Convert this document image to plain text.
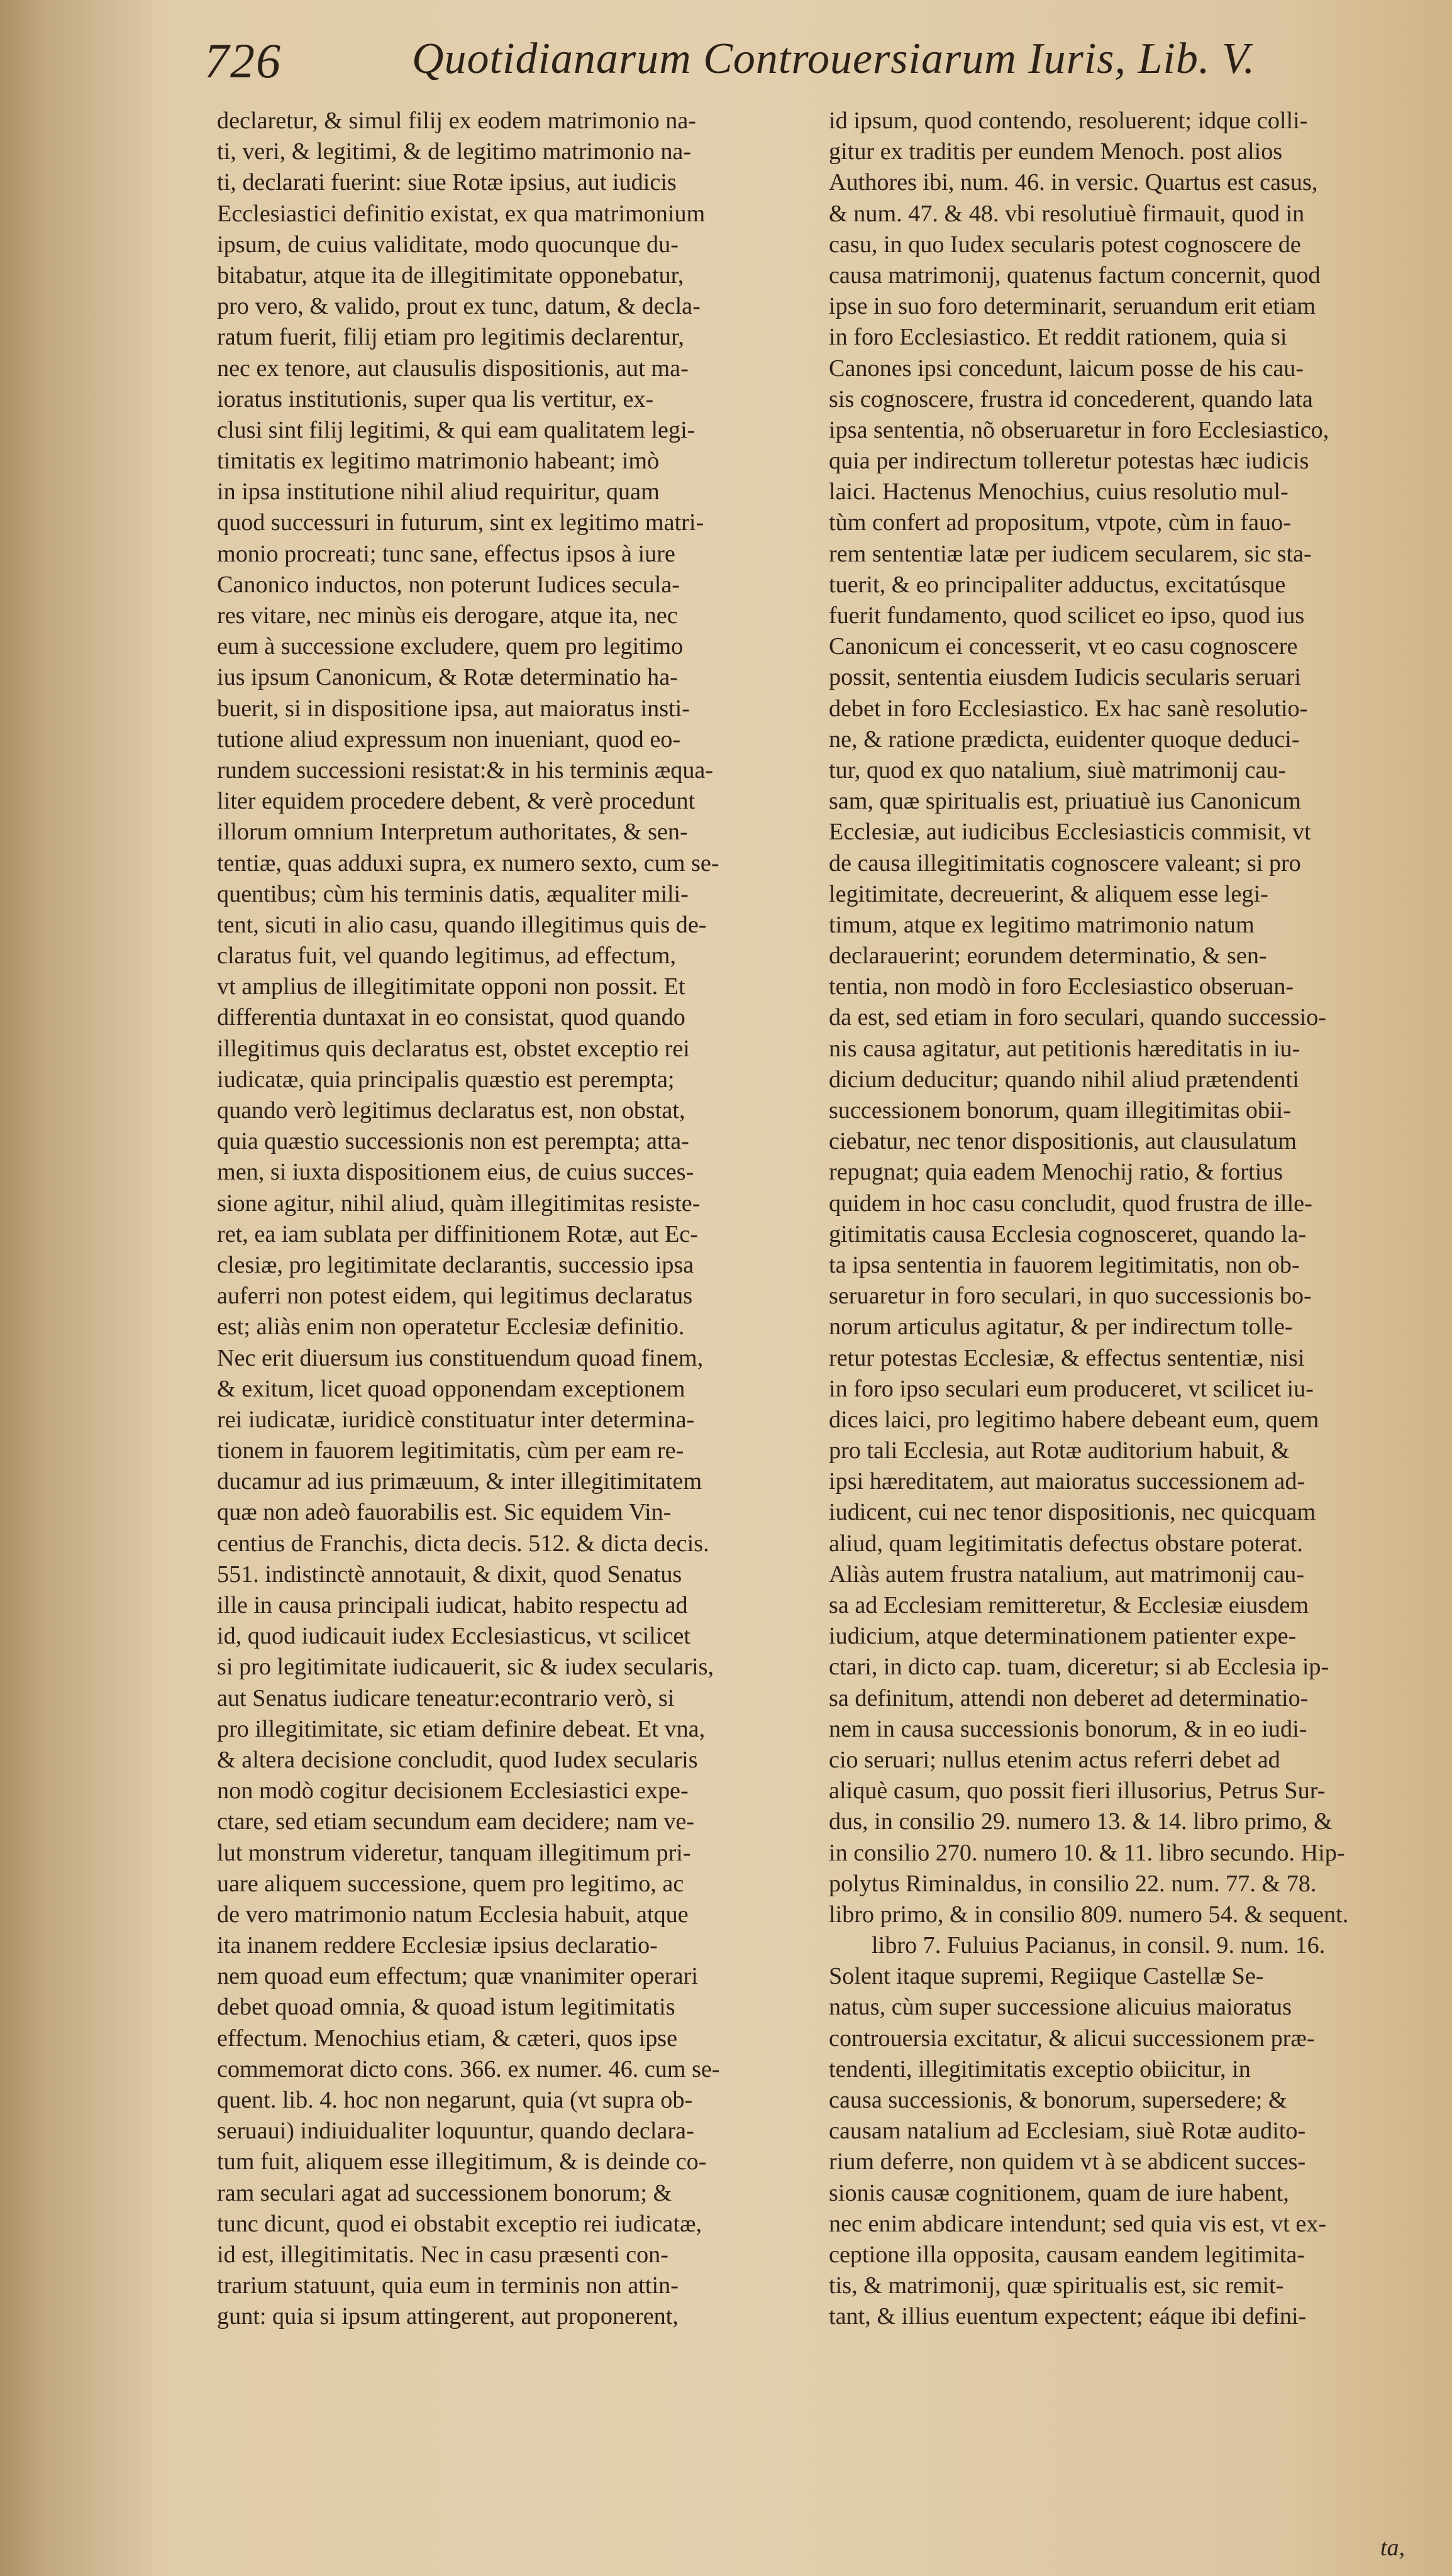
726	Quotidianarum Controuersiarum Iuris, Lib. V.
declaretur, & simul filij ex eodem matrimonio na-
ti, veri, & legitimi, & de legitimo matrimonio na-
ti, declarati fuerint: siue Rotæ ipsius, aut iudicis
Ecclesiastici definitio existat, ex qua matrimonium
ipsum, de cuius validitate, modo quocunque du-
bitabatur, atque ita de illegitimitate opponebatur,
pro vero, & valido, prout ex tunc, datum, & decla-
ratum fuerit, filij etiam pro legitimis declarentur,
nec ex tenore, aut clausulis dispositionis, aut ma-
ioratus institutionis, super qua lis vertitur, ex-
clusi sint filij legitimi, & qui eam qualitatem legi-
timitatis ex legitimo matrimonio habeant; imò
in ipsa institutione nihil aliud requiritur, quam
quod successuri in futurum, sint ex legitimo matri-
monio procreati; tunc sane, effectus ipsos à iure
Canonico inductos, non poterunt Iudices secula-
res vitare, nec minùs eis derogare, atque ita, nec
eum à successione excludere, quem pro legitimo
ius ipsum Canonicum, & Rotæ determinatio ha-
buerit, si in dispositione ipsa, aut maioratus insti-
tutione aliud expressum non inueniant, quod eo-
rundem successioni resistat:& in his terminis æqua-
liter equidem procedere debent, & verè procedunt
illorum omnium Interpretum authoritates, & sen-
tentiæ, quas adduxi supra, ex numero sexto, cum se-
quentibus; cùm his terminis datis, æqualiter mili-
tent, sicuti in alio casu, quando illegitimus quis de-
claratus fuit, vel quando legitimus, ad effectum,
vt amplius de illegitimitate opponi non possit. Et
differentia duntaxat in eo consistat, quod quando
illegitimus quis declaratus est, obstet exceptio rei
iudicatæ, quia principalis quæstio est perempta;
quando verò legitimus declaratus est, non obstat,
quia quæstio successionis non est perempta; atta-
men, si iuxta dispositionem eius, de cuius succes-
sione agitur, nihil aliud, quàm illegitimitas resiste-
ret, ea iam sublata per diffinitionem Rotæ, aut Ec-
clesiæ, pro legitimitate declarantis, successio ipsa
auferri non potest eidem, qui legitimus declaratus
est; aliàs enim non operatetur Ecclesiæ definitio.
Nec erit diuersum ius constituendum quoad finem,
& exitum, licet quoad opponendam exceptionem
rei iudicatæ, iuridicè constituatur inter determina-
tionem in fauorem legitimitatis, cùm per eam re-
ducamur ad ius primæuum, & inter illegitimitatem
quæ non adeò fauorabilis est. Sic equidem Vin-
centius de Franchis, dicta decis. 512. & dicta decis.
551. indistinctè annotauit, & dixit, quod Senatus
ille in causa principali iudicat, habito respectu ad
id, quod iudicauit iudex Ecclesiasticus, vt scilicet
si pro legitimitate iudicauerit, sic & iudex secularis,
aut Senatus iudicare teneatur:econtrario verò, si
pro illegitimitate, sic etiam definire debeat. Et vna,
& altera decisione concludit, quod Iudex secularis
non modò cogitur decisionem Ecclesiastici expe-
ctare, sed etiam secundum eam decidere; nam ve-
lut monstrum videretur, tanquam illegitimum pri-
uare aliquem successione, quem pro legitimo, ac
de vero matrimonio natum Ecclesia habuit, atque
ita inanem reddere Ecclesiæ ipsius declaratio-
nem quoad eum effectum; quæ vnanimiter operari
debet quoad omnia, & quoad istum legitimitatis
effectum. Menochius etiam, & cæteri, quos ipse
commemorat dicto cons. 366. ex numer. 46. cum se-
quent. lib. 4. hoc non negarunt, quia (vt supra ob-
seruaui) indiuidualiter loquuntur, quando declara-
tum fuit, aliquem esse illegitimum, & is deinde co-
ram seculari agat ad successionem bonorum; &
tunc dicunt, quod ei obstabit exceptio rei iudicatæ,
id est, illegitimitatis. Nec in casu præsenti con-
trarium statuunt, quia eum in terminis non attin-
gunt: quia si ipsum attingerent, aut proponerent,
id ipsum, quod contendo, resoluerent; idque colli-
gitur ex traditis per eundem Menoch. post alios
Authores ibi, num. 46. in versic. Quartus est casus,
& num. 47. & 48. vbi resolutiuè firmauit, quod in
casu, in quo Iudex secularis potest cognoscere de
causa matrimonij, quatenus factum concernit, quod
ipse in suo foro determinarit, seruandum erit etiam
in foro Ecclesiastico. Et reddit rationem, quia si
Canones ipsi concedunt, laicum posse de his cau-
sis cognoscere, frustra id concederent, quando lata
ipsa sententia, nõ obseruaretur in foro Ecclesiastico,
quia per indirectum tolleretur potestas hæc iudicis
laici. Hactenus Menochius, cuius resolutio mul-
tùm confert ad propositum, vtpote, cùm in fauo-
rem sententiæ latæ per iudicem secularem, sic sta-
tuerit, & eo principaliter adductus, excitatúsque
fuerit fundamento, quod scilicet eo ipso, quod ius
Canonicum ei concesserit, vt eo casu cognoscere
possit, sententia eiusdem Iudicis secularis seruari
debet in foro Ecclesiastico. Ex hac sanè resolutio-
ne, & ratione prædicta, euidenter quoque deduci-
tur, quod ex quo natalium, siuè matrimonij cau-
sam, quæ spiritualis est, priuatiuè ius Canonicum
Ecclesiæ, aut iudicibus Ecclesiasticis commisit, vt
de causa illegitimitatis cognoscere valeant; si pro
legitimitate, decreuerint, & aliquem esse legi-
timum, atque ex legitimo matrimonio natum
declarauerint; eorundem determinatio, & sen-
tentia, non modò in foro Ecclesiastico obseruan-
da est, sed etiam in foro seculari, quando successio-
nis causa agitatur, aut petitionis hæreditatis in iu-
dicium deducitur; quando nihil aliud prætendenti
successionem bonorum, quam illegitimitas obii-
ciebatur, nec tenor dispositionis, aut clausulatum
repugnat; quia eadem Menochij ratio, & fortius
quidem in hoc casu concludit, quod frustra de ille-
gitimitatis causa Ecclesia cognosceret, quando la-
ta ipsa sententia in fauorem legitimitatis, non ob-
seruaretur in foro seculari, in quo successionis bo-
norum articulus agitatur, & per indirectum tolle-
retur potestas Ecclesiæ, & effectus sententiæ, nisi
in foro ipso seculari eum produceret, vt scilicet iu-
dices laici, pro legitimo habere debeant eum, quem
pro tali Ecclesia, aut Rotæ auditorium habuit, &
ipsi hæreditatem, aut maioratus successionem ad-
iudicent, cui nec tenor dispositionis, nec quicquam
aliud, quam legitimitatis defectus obstare poterat.
Aliàs autem frustra natalium, aut matrimonij cau-
sa ad Ecclesiam remitteretur, & Ecclesiæ eiusdem
iudicium, atque determinationem patienter expe-
ctari, in dicto cap. tuam, diceretur; si ab Ecclesia ip-
sa definitum, attendi non deberet ad determinatio-
nem in causa successionis bonorum, & in eo iudi-
cio seruari; nullus etenim actus referri debet ad
aliquè casum, quo possit fieri illusorius, Petrus Sur-
dus, in consilio 29. numero 13. & 14. libro primo, &
in consilio 270. numero 10. & 11. libro secundo. Hip-
polytus Riminaldus, in consilio 22. num. 77. & 78.
libro primo, & in consilio 809. numero 54. & sequent.
libro 7. Fuluius Pacianus, in consil. 9. num. 16.
Solent itaque supremi, Regiique Castellæ Se-
natus, cùm super successione alicuius maioratus
controuersia excitatur, & alicui successionem præ-
tendenti, illegitimitatis exceptio obiicitur, in
causa successionis, & bonorum, supersedere; &
causam natalium ad Ecclesiam, siuè Rotæ audito-
rium deferre, non quidem vt à se abdicent succes-
sionis causæ cognitionem, quam de iure habent,
nec enim abdicare intendunt; sed quia vis est, vt ex-
ceptione illa opposita, causam eandem legitimita-
tis, & matrimonij, quæ spiritualis est, sic remit-
tant, & illius euentum expectent; eáque ibi defini-
ta,
